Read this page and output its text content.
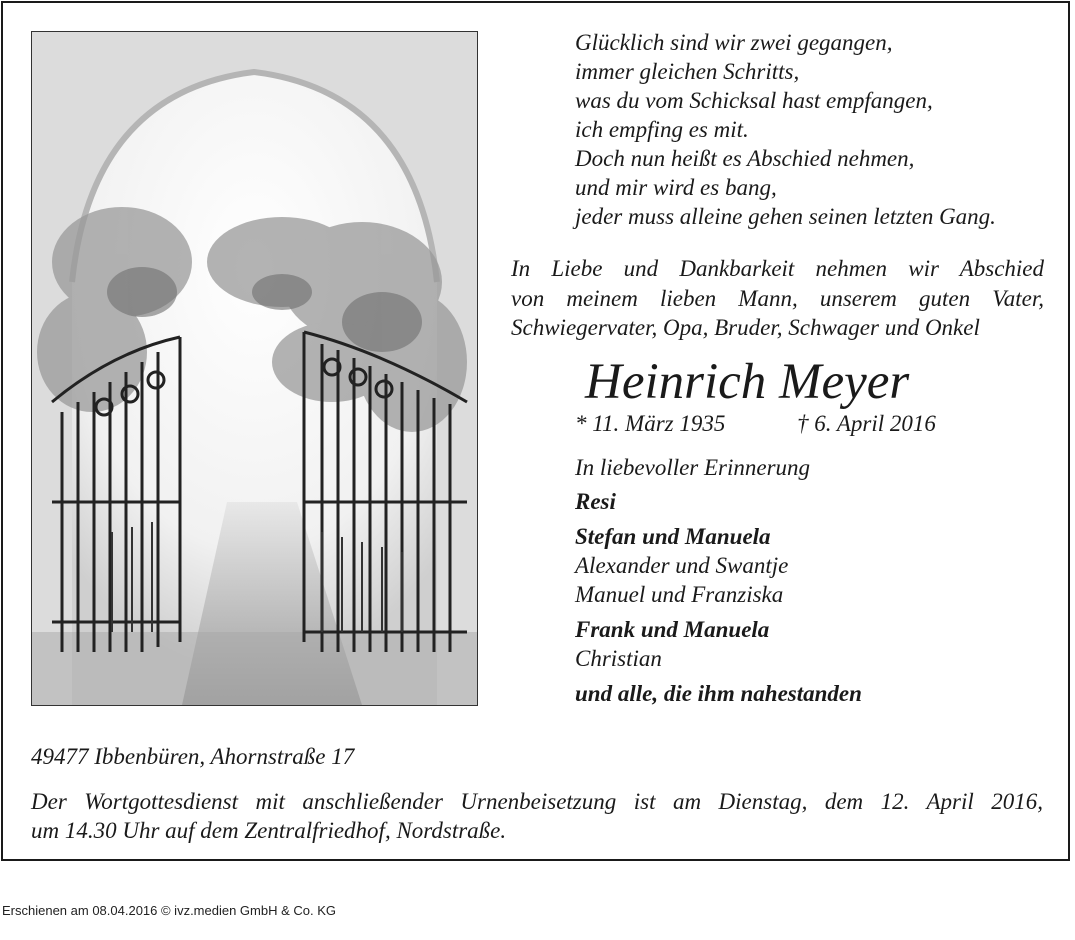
Glücklich sind wir zwei gegangen,
immer gleichen Schritts,
was du vom Schicksal hast empfangen,
ich empfing es mit.
Doch nun heißt es Abschied nehmen,
und mir wird es bang,
jeder muss alleine gehen seinen letzten Gang.
In Liebe und Dankbarkeit nehmen wir Abschied
von meinem lieben Mann, unserem guten Vater,
Schwiegervater, Opa, Bruder, Schwager und Onkel
Heinrich Meyer
* 11. März 1935	† 6. April 2016
In liebevoller Erinnerung
Resi
Stefan und Manuela
Alexander und Swantje
Manuel und Franziska
Frank und Manuela
Christian
und alle, die ihm nahestanden
49477 Ibbenbüren, Ahornstraße 17
Der Wortgottesdienst mit anschließender Urnenbeisetzung ist am Dienstag, dem 12. April 2016,
um 14.30 Uhr auf dem Zentralfriedhof, Nordstraße.
Erschienen am 08.04.2016 © ivz.medien GmbH & Co. KG
